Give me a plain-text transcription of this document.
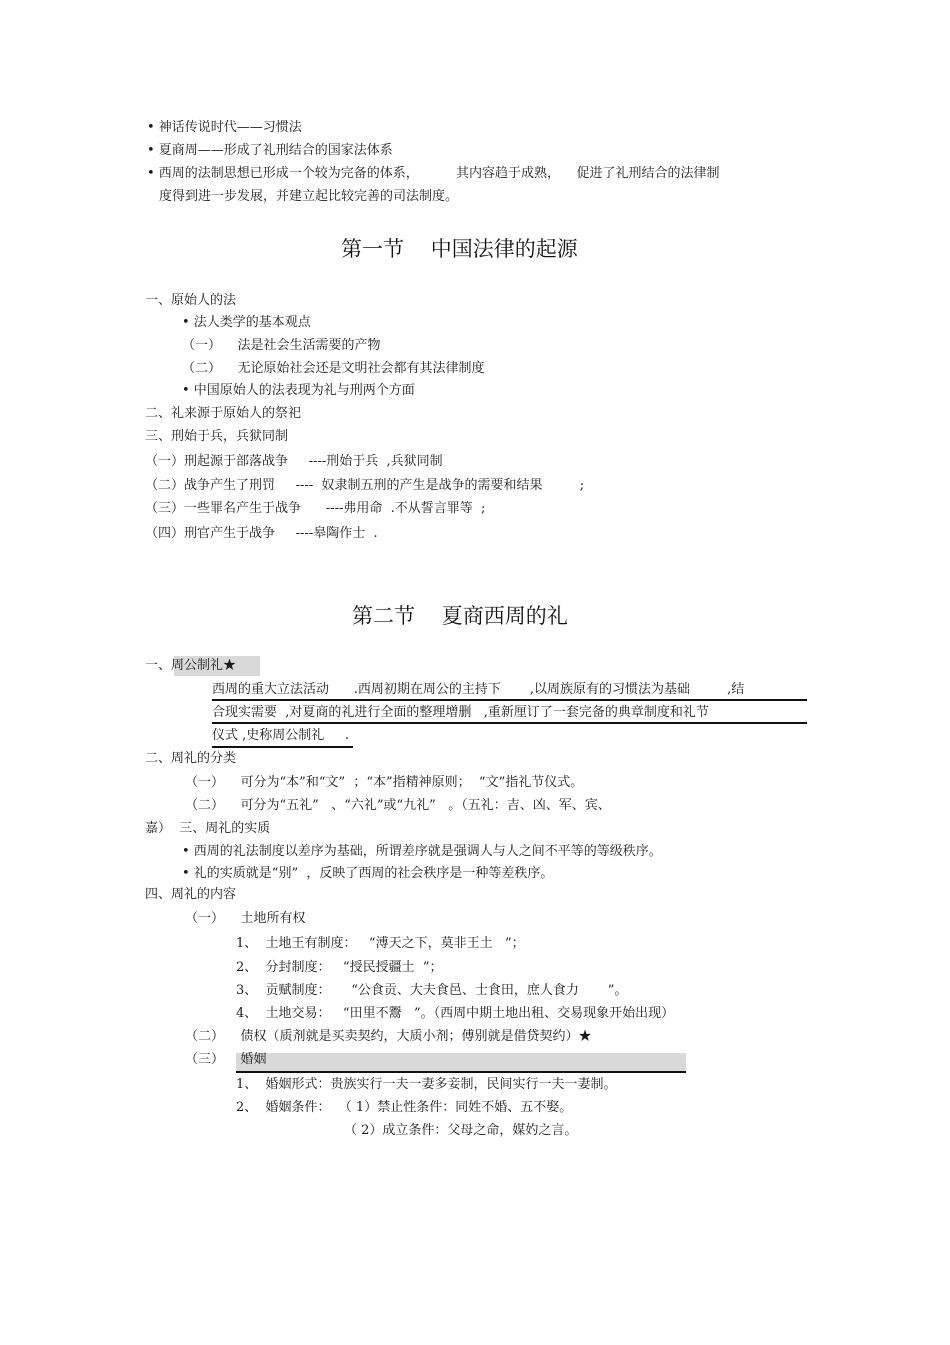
• 神话传说时代——习惯法
• 夏商周——形成了礼刑结合的国家法体系
• 西周的法制思想已形成一个较为完备的体系，         其内容趋于成熟，    促进了礼刑结合的法律制
度得到进一步发展，并建立起比较完善的司法制度。
第一节    中国法律的起源
一、原始人的法
• 法人类学的基本观点
（一）    法是社会生活需要的产物
（二）    无论原始社会还是文明社会都有其法律制度
• 中国原始人的法表现为礼与刑两个方面
二、礼来源于原始人的祭祀
三、刑始于兵，兵狱同制
（一）刑起源于部落战争     ----刑始于兵  ,兵狱同制
（二）战争产生了刑罚     ----  奴隶制五刑的产生是战争的需要和结果         ;
（三）一些罪名产生于战争      ----弗用命  .不从誓言罪等  ;
（四）刑官产生于战争     ----皋陶作士  .
第二节    夏商西周的礼
一、周公制礼★
西周的重大立法活动      .西周初期在周公的主持下       ,以周族原有的习惯法为基础         ,结
合现实需要  ,对夏商的礼进行全面的整理增删   ,重新厘订了一套完备的典章制度和礼节
仪式 ,史称周公制礼     .
二、周礼的分类
（一）    可分为“本”和“文”  ；“本”指精神原则；  “文”指礼节仪式。
（二）    可分为“五礼”   、“六礼”或“九礼”   。（五礼：吉、凶、军、宾、
嘉）  三、周礼的实质
• 西周的礼法制度以差序为基础，所谓差序就是强调人与人之间不平等的等级秩序。
• 礼的实质就是“别”  ，反映了西周的社会秩序是一种等差秩序。
四、周礼的内容
（一）    土地所有权
1、  土地王有制度：   “溥天之下，莫非王土   ”；
2、  分封制度：   “授民授疆土  ”；
3、  贡赋制度：     “公食贡、大夫食邑、士食田，庶人食力       ”。
4、  土地交易：   “田里不鬻   ”。（西周中期土地出租、交易现象开始出现）
（二）    债权（质剂就是买卖契约，大质小剂；傅别就是借贷契约）★
（三）    婚姻
1、  婚姻形式：贵族实行一夫一妻多妾制，民间实行一夫一妻制。
2、  婚姻条件：  （ 1）禁止性条件：同姓不婚、五不娶。
（ 2）成立条件：父母之命，媒妁之言。
